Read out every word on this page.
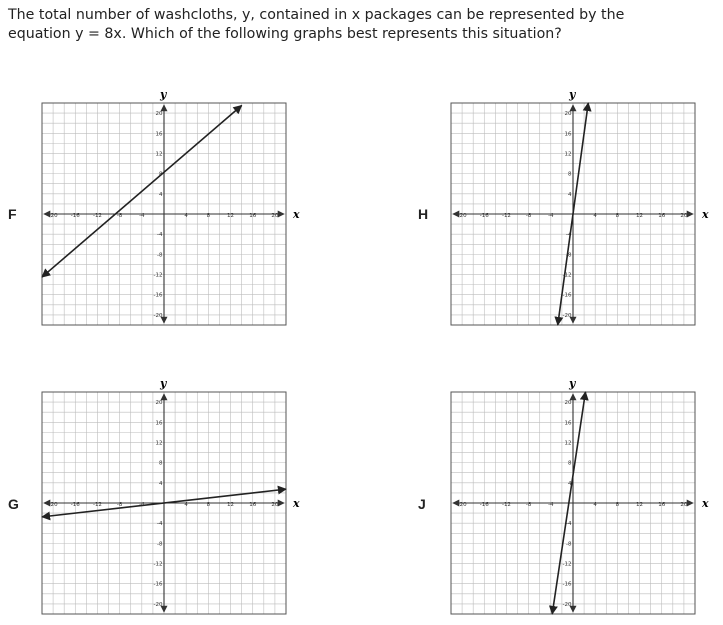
The total number of washcloths, y, contained in x packages can be represented by the
equation y = 8x. Which of the following graphs best represents this situation?
F	x
y
-20 -16 -12	-8	-4	4	8	12	16	20
20
16
12
8
4
-4
-8
-12
-16
-20
H	x
y
-20 -16 -12	-8	-4	4	8	12	16	20
20
16
12
8
4
-4
-8
-12
-16
-20
G	x
y
-20 -16 -12	-8	-4	4	8	12	16	20
20
16
12
8
4
-4
-8
-12
-16
-20
J	x
y
-20 -16 -12	-8	-4	4	8	12	16	20
20
16
12
8
4
-4
-8
-12
-16
-20
